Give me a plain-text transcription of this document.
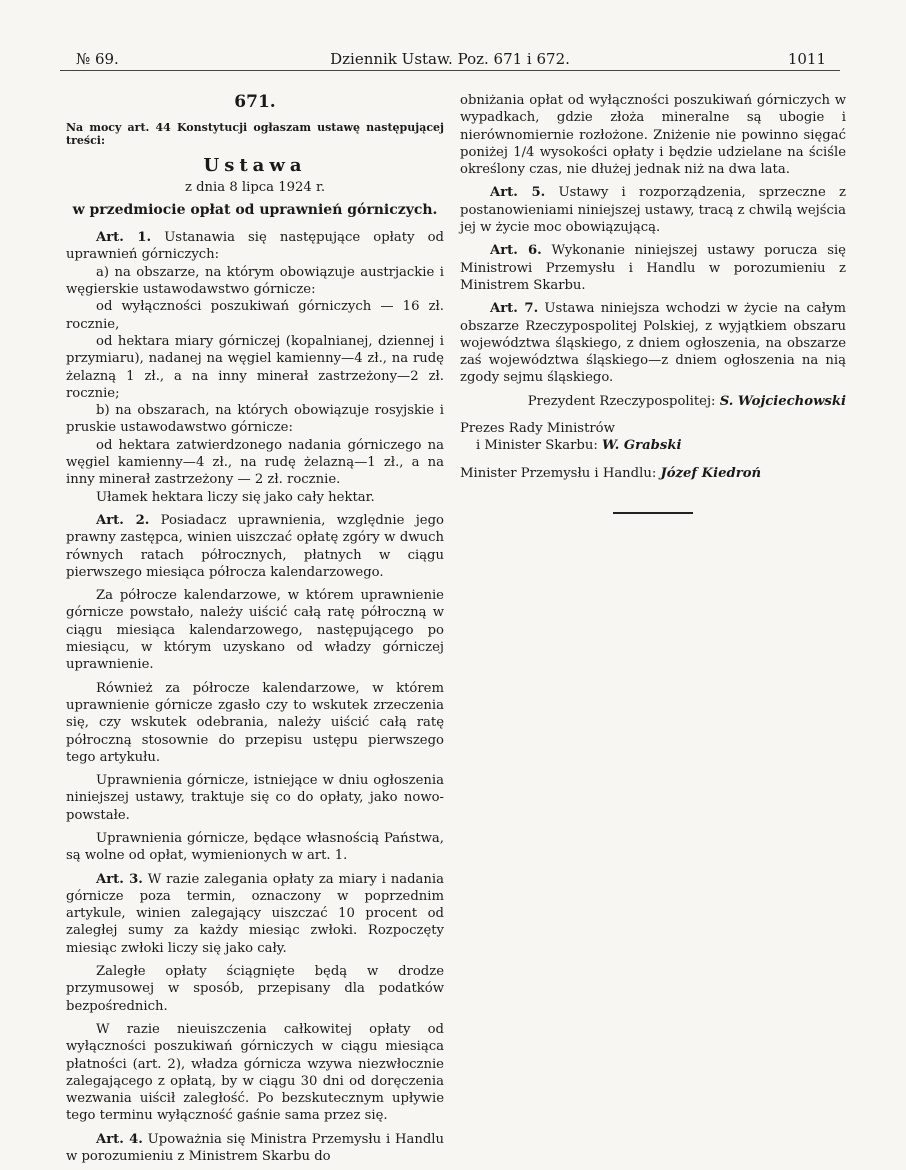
№ 69.	Dziennik Ustaw. Poz. 671 i 672.	1011
671.
Na mocy art. 44 Konstytucji ogłaszam ustawę następującej treści:
Ustawa
z dnia 8 lipca 1924 r.
w przedmiocie opłat od uprawnień górniczych.

Art. 1. Ustanawia się następujące opłaty od uprawnień górniczych:

a) na obszarze, na którym obowiązuje austrjackie i węgierskie ustawodawstwo górnicze:

od wyłączności poszukiwań górniczych — 16 zł. rocznie,

od hektara miary górniczej (kopalnianej, dziennej i przymiaru), nadanej na węgiel kamienny—4 zł., na rudę żelazną 1 zł., a na inny minerał zastrzeżony—2 zł. rocznie;

b) na obszarach, na których obowiązuje rosyjskie i pruskie ustawodawstwo górnicze:

od hektara zatwierdzonego nadania górniczego na węgiel kamienny—4 zł., na rudę żelazną—1 zł., a na inny minerał zastrzeżony — 2 zł. rocznie.

Ułamek hektara liczy się jako cały hektar.

Art. 2. Posiadacz uprawnienia, względnie jego prawny zastępca, winien uiszczać opłatę zgóry w dwuch równych ratach półrocznych, płatnych w ciągu pierwszego miesiąca półrocza kalendarzowego.

Za półrocze kalendarzowe, w którem uprawnienie górnicze powstało, należy uiścić całą ratę półroczną w ciągu miesiąca kalendarzowego, następującego po miesiącu, w którym uzyskano od władzy górniczej uprawnienie.

Również za półrocze kalendarzowe, w którem uprawnienie górnicze zgasło czy to wskutek zrzeczenia się, czy wskutek odebrania, należy uiścić całą ratę półroczną stosownie do przepisu ustępu pierwszego tego artykułu.

Uprawnienia górnicze, istniejące w dniu ogłoszenia niniejszej ustawy, traktuje się co do opłaty, jako nowo-powstałe.

Uprawnienia górnicze, będące własnością Państwa, są wolne od opłat, wymienionych w art. 1.

Art. 3. W razie zalegania opłaty za miary i nadania górnicze poza termin, oznaczony w poprzednim artykule, winien zalegający uiszczać 10 procent od zaległej sumy za każdy miesiąc zwłoki. Rozpoczęty miesiąc zwłoki liczy się jako cały.

Zaległe opłaty ściągnięte będą w drodze przymusowej w sposób, przepisany dla podatków bezpośrednich.

W razie nieuiszczenia całkowitej opłaty od wyłączności poszukiwań górniczych w ciągu miesiąca płatności (art. 2), władza górnicza wzywa niezwłocznie zalegającego z opłatą, by w ciągu 30 dni od doręczenia wezwania uiścił zaległość. Po bezskutecznym upływie tego terminu wyłączność gaśnie sama przez się.

Art. 4. Upoważnia się Ministra Przemysłu i Handlu w porozumieniu z Ministrem Skarbu do

obniżania opłat od wyłączności poszukiwań górniczych w wypadkach, gdzie złoża mineralne są ubogie i nierównomiernie rozłożone. Zniżenie nie powinno sięgać poniżej 1/4 wysokości opłaty i będzie udzielane na ściśle określony czas, nie dłużej jednak niż na dwa lata.

Art. 5. Ustawy i rozporządzenia, sprzeczne z postanowieniami niniejszej ustawy, tracą z chwilą wejścia jej w życie moc obowiązującą.

Art. 6. Wykonanie niniejszej ustawy porucza się Ministrowi Przemysłu i Handlu w porozumieniu z Ministrem Skarbu.

Art. 7. Ustawa niniejsza wchodzi w życie na całym obszarze Rzeczypospolitej Polskiej, z wyjątkiem obszaru województwa śląskiego, z dniem ogłoszenia, na obszarze zaś województwa śląskiego—z dniem ogłoszenia na nią zgody sejmu śląskiego.

Prezydent Rzeczypospolitej: S. Wojciechowski

Prezes Rady Ministrów
i Minister Skarbu: W. Grabski

Minister Przemysłu i Handlu: Józef Kiedroń
